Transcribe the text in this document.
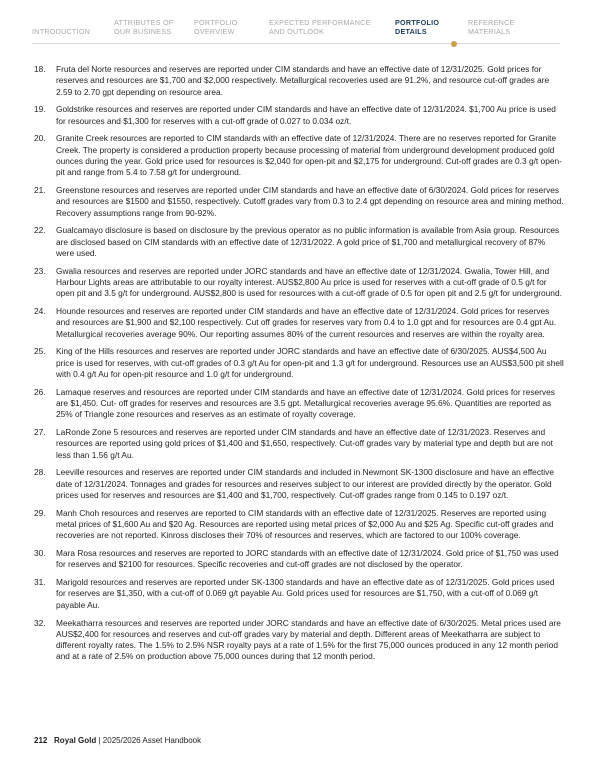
INTRODUCTION
ATTRIBUTES OF
OUR BUSINESS
PORTFOLIO
OVERVIEW
EXPECTED PERFORMANCE
AND OUTLOOK
PORTFOLIO
DETAILS
REFERENCE
MATERIALS
18.	Fruta del Norte resources and reserves are reported under CIM standards and have an effective date of 12/31/2025. Gold prices for reserves and resources are $1,700 and $2,000 respectively. Metallurgical recoveries used are 91.2%, and resource cut-off grades are 2.59 to 2.70 gpt depending on resource area.
19.	Goldstrike resources and reserves are reported under CIM standards and have an effective date of 12/31/2024. $1,700 Au price is used for resources and $1,300 for reserves with a cut-off grade of 0.027 to 0.034 oz/t.
20.	Granite Creek resources are reported to CIM standards with an effective date of 12/31/2024. There are no reserves reported for Granite Creek. The property is considered a production property because processing of material from underground development produced gold ounces during the year. Gold price used for resources is $2,040 for open-pit and $2,175 for underground. Cut-off grades are 0.3 g/t open-pit and range from 5.4 to 7.58 g/t for underground.
21.	Greenstone resources and reserves are reported under CIM standards and have an effective date of 6/30/2024. Gold prices for reserves and resources are $1500 and $1550, respectively. Cutoff grades vary from 0.3 to 2.4 gpt depending on resource area and mining method. Recovery assumptions range from 90-92%.
22.	Gualcamayo disclosure is based on disclosure by the previous operator as no public information is available from Asia group. Resources are disclosed based on CIM standards with an effective date of 12/31/2022. A gold price of $1,700 and metallurgical recovery of 87% were used.
23.	Gwalia resources and reserves are reported under JORC standards and have an effective date of 12/31/2024. Gwalia, Tower Hill, and Harbour Lights areas are attributable to our royalty interest. AUS$2,800 Au price is used for reserves with a cut-off grade of 0.5 g/t for open pit and 3.5 g/t for underground. AUS$2,800 is used for resources with a cut-off grade of 0.5 for open pit and 2.5 g/t for underground.
24.	Hounde resources and reserves are reported under CIM standards and have an effective date of 12/31/2024. Gold prices for reserves and resources are $1,900 and $2,100 respectively. Cut off grades for reserves vary from 0.4 to 1.0 gpt and for resources are 0.4 gpt Au. Metallurgical recoveries average 90%. Our reporting assumes 80% of the current resources and reserves are within the royalty area.
25.	King of the Hills resources and reserves are reported under JORC standards and have an effective date of 6/30/2025. AUS$4,500 Au price is used for reserves, with cut-off grades of 0.3 g/t Au for open-pit and 1.3 g/t for underground. Resources use an AUS$3,500 pit shell with 0.4 g/t Au for open-pit resource and 1.0 g/t for underground.
26.	Lamaque reserves and resources are reported under CIM standards and have an effective date of 12/31/2024. Gold prices for reserves are $1,450. Cut- off grades for reserves and resources are 3.5 gpt. Metallurgical recoveries average 95.6%. Quantities are reported as 25% of Triangle zone resources and reserves as an estimate of royalty coverage.
27.	LaRonde Zone 5 resources and reserves are reported under CIM standards and have an effective date of 12/31/2023. Reserves and resources are reported using gold prices of $1,400 and $1,650, respectively. Cut-off grades vary by material type and depth but are not less than 1.56 g/t Au.
28.	Leeville resources and reserves are reported under CIM standards and included in Newmont SK-1300 disclosure and have an effective date of 12/31/2024. Tonnages and grades for resources and reserves subject to our interest are provided directly by the operator. Gold prices used for reserves and resources are $1,400 and $1,700, respectively. Cut-off grades range from 0.145 to 0.197 oz/t.
29.	Manh Choh resources and reserves are reported to CIM standards with an effective date of 12/31/2025. Reserves are reported using metal prices of $1,600 Au and $20 Ag. Resources are reported using metal prices of $2,000 Au and $25 Ag. Specific cut-off grades and recoveries are not reported. Kinross discloses their 70% of resources and reserves, which are factored to our 100% coverage.
30.	Mara Rosa resources and reserves are reported to JORC standards with an effective date of 12/31/2024. Gold price of $1,750 was used for reserves and $2100 for resources. Specific recoveries and cut-off grades are not disclosed by the operator.
31.	Marigold resources and reserves are reported under SK-1300 standards and have an effective date as of 12/31/2025. Gold prices used for reserves are $1,350, with a cut-off of 0.069 g/t payable Au. Gold prices used for resources are $1,750, with a cut-off of 0.069 g/t payable Au.
32.	Meekatharra resources and reserves are reported under JORC standards and have an effective date of 6/30/2025. Metal prices used are AUS$2,400 for resources and reserves and cut-off grades vary by material and depth. Different areas of Meekatharra are subject to different royalty rates. The 1.5% to 2.5% NSR royalty pays at a rate of 1.5% for the first 75,000 ounces produced in any 12 month period and at a rate of 2.5% on production above 75,000 ounces during that 12 month period.
212 Royal Gold | 2025/2026 Asset Handbook
